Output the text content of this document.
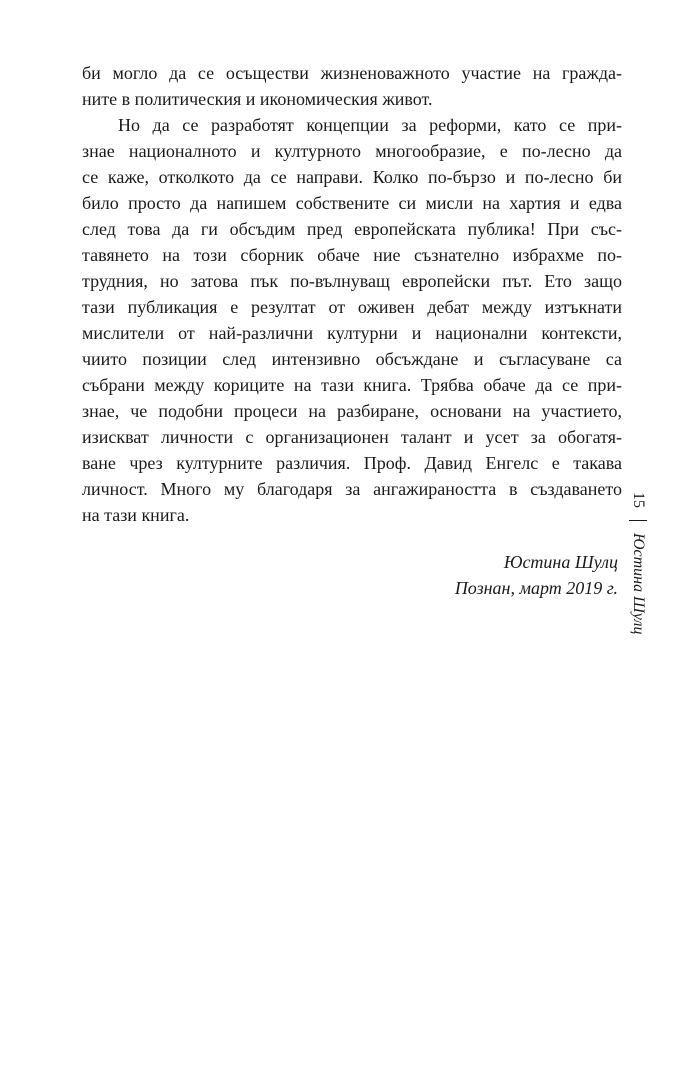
би могло да се осъществи жизненоважното участие на гражда-
ните в политическия и икономическия живот.
Но да се разработят концепции за реформи, като се при-
знае националното и културното многообразие, е по-лесно да
се каже, отколкото да се направи. Колко по-бързо и по-лесно би
било просто да напишем собствените си мисли на хартия и едва
след това да ги обсъдим пред европейската публика! При със-
тавянето на този сборник обаче ние съзнателно избрахме по-
трудния, но затова пък по-вълнуващ европейски път. Ето защо
тази публикация е резултат от оживен дебат между изтъкнати
мислители от най-различни културни и национални контексти,
чиито позиции след интензивно обсъждане и съгласуване са
събрани между кориците на тази книга. Трябва обаче да се при-
знае, че подобни процеси на разбиране, основани на участието,
изискват личности с организационен талант и усет за обогатя-
ване чрез културните различия. Проф. Давид Енгелс е такава
личност. Много му благодаря за ангажираността в създаването
на тази книга.
Юстина Шулц
Познан, март 2019 г.
15
Юстина Шулц
